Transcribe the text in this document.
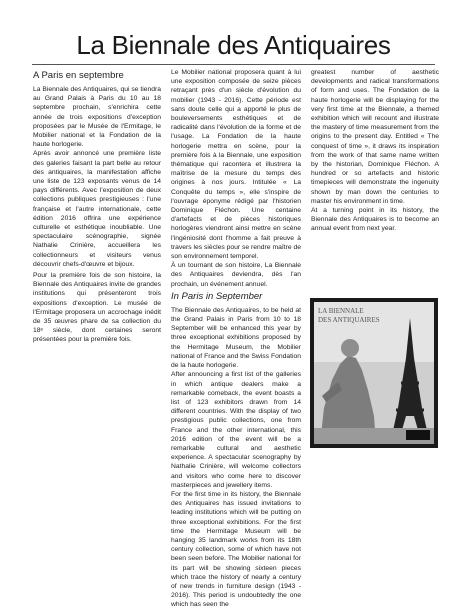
La Biennale des Antiquaires

A Paris en septembre

La Biennale des Antiquaires, qui se tiendra au Grand Palais à Paris du 10 au 18 septembre prochain, s'enrichira cette année de trois expositions d'exception proposées par le Musée de l'Ermitage, le Mobilier national et la Fondation de la haute horlogerie.

Après avoir annoncé une première liste des galeries faisant la part belle au retour des antiquaires, la manifestation affiche une liste de 123 exposants venus de 14 pays différents. Avec l'exposition de deux collections publiques prestigieuses : l'une française et l'autre internationale, cette édition 2016 offrira une expérience culturelle et esthétique inoubliable. Une spectaculaire scénographie, signée Nathalie Crinière, accueillera les collectionneurs et visiteurs venus découvrir chefs-d'œuvre et bijoux.

Pour la première fois de son histoire, la Biennale des Antiquaires invite de grandes institutions qui présenteront trois expositions d'exception. Le musée de l'Ermitage proposera un accrochage inédit de 35 œuvres phare de sa collection du 18ᵉ siècle, dont certaines seront présentées pour la première fois.

Le Mobilier national proposera quant à lui une exposition composée de seize pièces retraçant près d'un siècle d'évolution du mobilier (1943 - 2016). Cette période est sans doute celle qui a apporté le plus de bouleversements esthétiques et de radicalité dans l'évolution de la forme et de l'usage. La Fondation de la haute horlogerie mettra en scène, pour la première fois à la Biennale, une exposition thématique qui racontera et illustrera la maîtrise de la mesure du temps des origines à nos jours. Intitulée « La Conquête du temps », elle s'inspire de l'ouvrage éponyme rédigé par l'historien Dominique Fléchon. Une centaine d'artefacts et de pièces historiques horlogères viendront ainsi mettre en scène l'ingéniosité dont l'homme a fait preuve à travers les siècles pour se rendre maître de son environnement temporel.

À un tournant de son histoire, La Biennale des Antiquaires deviendra, dès l'an prochain, un événement annuel.

In Paris in September

The Biennale des Antiquaires, to be held at the Grand Palais in Paris from 10 to 18 September will be enhanced this year by three exceptional exhibitions proposed by the Hermitage Museum, the Mobilier national of France and the Swiss Fondation de la haute horlogerie.

After announcing a first list of the galleries in which antique dealers make a remarkable comeback, the event boasts a list of 123 exhibitors drawn from 14 different countries. With the display of two prestigious public collections, one from France and the other international, this 2016 edition of the event will be a remarkable cultural and aesthetic experience. A spectacular scenography by Nathalie Crinière, will welcome collectors and visitors who come here to discover masterpieces and jewellery items.

For the first time in its history, the Biennale des Antiquaires has issued invitations to leading institutions which will be putting on three exceptional exhibitions. For the first time the Hermitage Museum will be hanging 35 landmark works from its 18th century collection, some of which have not been seen before. The Mobilier national for its part will be showing sixteen pieces which trace the history of nearly a century of new trends in furniture design (1943 - 2016). This period is undoubtedly the one which has seen the

greatest number of aesthetic developments and radical transformations of form and uses. The Fondation de la haute horlogerie will be displaying for the very first time at the Biennale, a themed exhibition which will recount and illustrate the mastery of time measurement from the origins to the present day. Entitled « The conquest of time », it draws its inspiration from the work of that same name written by the historian, Dominique Fléchon. A hundred or so artefacts and historic timepieces will demonstrate the ingenuity shown by man down the centuries to master his environment in time.

At a turning point in its history, the Biennale des Antiquaires is to become an annual event from next year.

LA BIENNALE
DES ANTIQUAIRES
